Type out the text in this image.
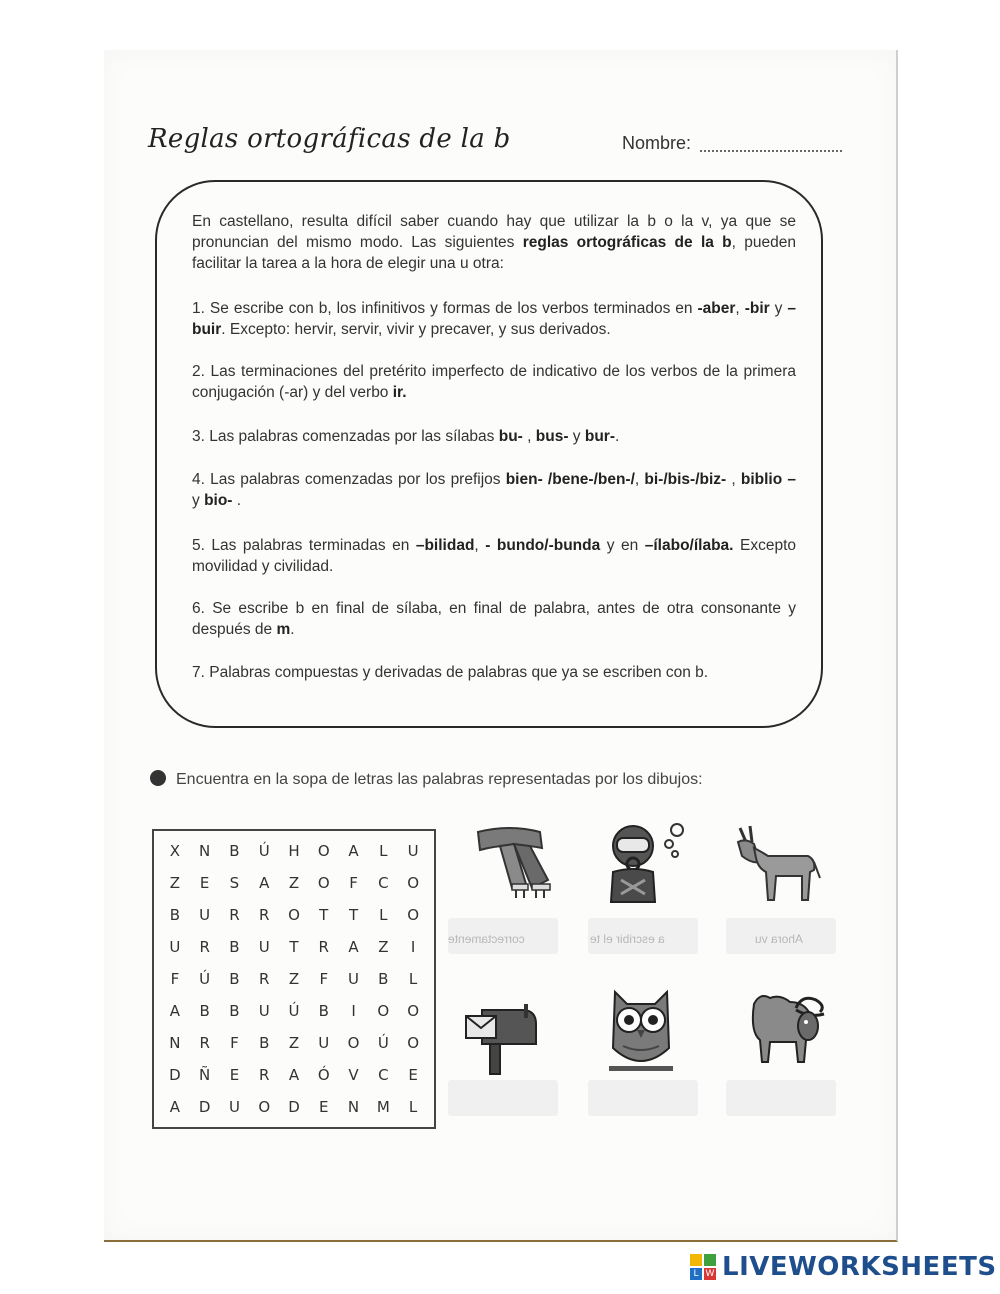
Reglas ortográficas de la b	Nombre:
En castellano, resulta difícil saber cuando hay que utilizar la b o la v, ya que se pronuncian del mismo modo. Las siguientes reglas ortográficas de la b, pueden facilitar la tarea a la hora de elegir una u otra:
1. Se escribe con b, los infinitivos y formas de los verbos terminados en -aber, -bir y – buir. Excepto: hervir, servir, vivir y precaver, y sus derivados.
2. Las terminaciones del pretérito imperfecto de indicativo de los verbos de la primera conjugación (-ar) y del verbo ir.
3. Las palabras comenzadas por las sílabas bu- , bus- y bur-.
4. Las palabras comenzadas por los prefijos bien- /bene-/ben-/, bi-/bis-/biz- , biblio – y bio- .
5. Las palabras terminadas en –bilidad, - bundo/-bunda y en –ílabo/ílaba. Excepto movilidad y civilidad.
6. Se escribe b en final de sílaba, en final de palabra, antes de otra consonante y después de m.
7. Palabras compuestas y derivadas de palabras que ya se escriben con b.
Encuentra en la sopa de letras las palabras representadas por los dibujos:
X	N	B	Ú	H	O	A	L	U
Z	E	S	A	Z	O	F	C	O
B	U	R	R	O	T	T	L	O
U	R	B	U	T	R	A	Z	I
F	Ú	B	R	Z	F	U	B	L
A	B	B	U	Ú	B	I	O	O
N	R	F	B	Z	U	O	Ú	O
D	Ñ	E	R	A	Ó	V	C	E
A	D	U	O	D	E	N	M	L
correctamente	a escribir el te	Ahora vu
L W LIVEWORKSHEETS
